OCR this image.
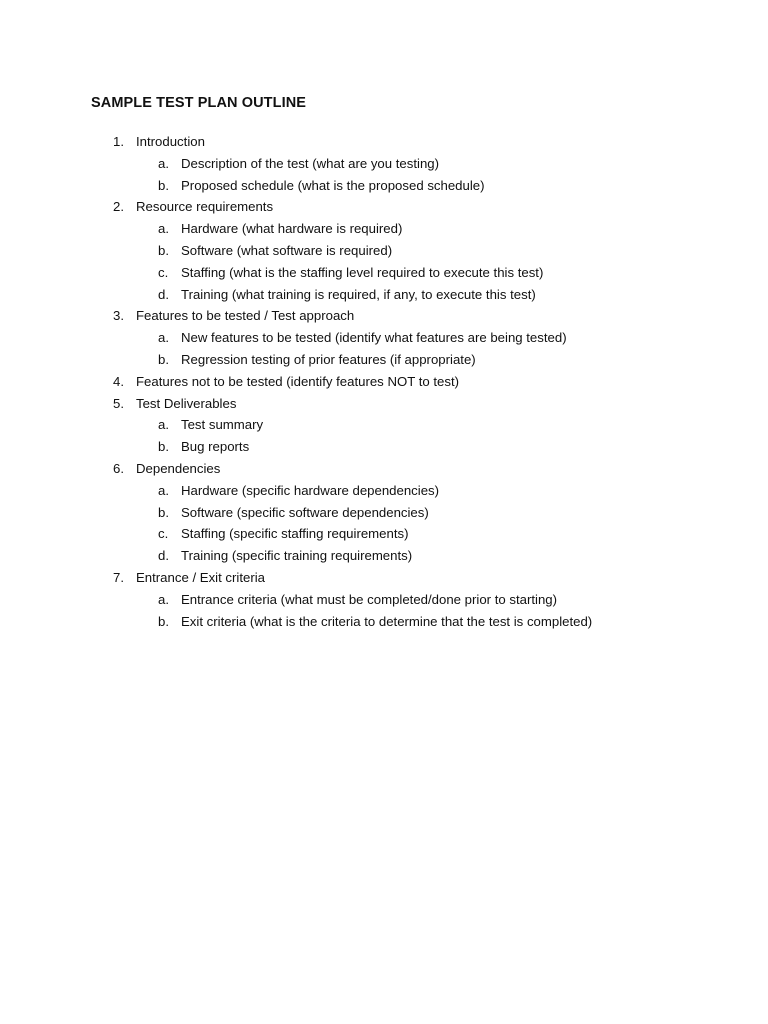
SAMPLE TEST PLAN OUTLINE
1. Introduction
a. Description of the test (what are you testing)
b. Proposed schedule (what is the proposed schedule)
2. Resource requirements
a. Hardware (what hardware is required)
b. Software (what software is required)
c. Staffing (what is the staffing level required to execute this test)
d. Training (what training is required, if any, to execute this test)
3. Features to be tested / Test approach
a. New features to be tested (identify what features are being tested)
b. Regression testing of prior features (if appropriate)
4. Features not to be tested (identify features NOT to test)
5. Test Deliverables
a. Test summary
b. Bug reports
6. Dependencies
a. Hardware (specific hardware dependencies)
b. Software (specific software dependencies)
c. Staffing (specific staffing requirements)
d. Training (specific training requirements)
7. Entrance / Exit criteria
a. Entrance criteria (what must be completed/done prior to starting)
b. Exit criteria (what is the criteria to determine that the test is completed)
